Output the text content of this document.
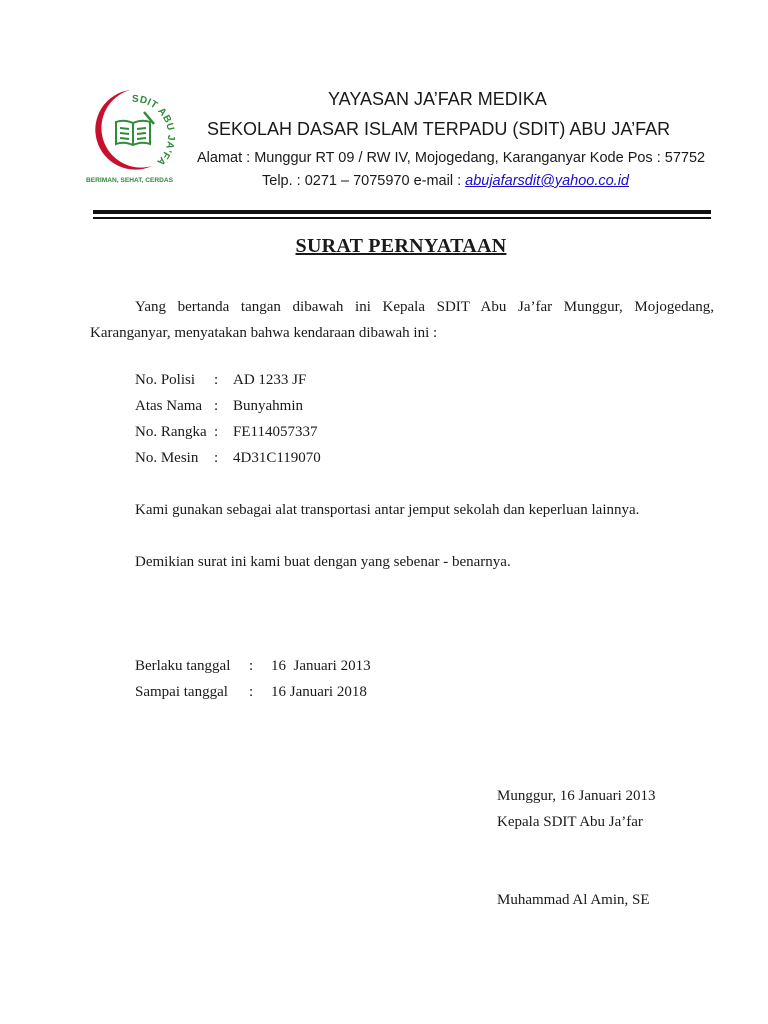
SDIT ABU JA'FA
BERIMAN, SEHAT, CERDAS
YAYASAN JA’FAR MEDIKA
SEKOLAH DASAR ISLAM TERPADU (SDIT) ABU JA’FAR
Alamat : Munggur RT 09 / RW IV, Mojogedang, Karanganyar Kode Pos : 57752
Telp. : 0271 – 7075970 e-mail : abujafarsdit@yahoo.co.id
SURAT PERNYATAAN
Yang bertanda tangan dibawah ini Kepala SDIT Abu Ja’far Munggur, Mojogedang, Karanganyar, menyatakan bahwa kendaraan dibawah ini :
No. Polisi : AD 1233 JF
Atas Nama : Bunyahmin
No. Rangka : FE114057337
No. Mesin : 4D31C119070
Kami gunakan sebagai alat transportasi antar jemput sekolah dan keperluan lainnya.
Demikian surat ini kami buat dengan yang sebenar - benarnya.
Berlaku tanggal : 16  Januari 2013
Sampai tanggal : 16 Januari 2018
Munggur, 16 Januari 2013
Kepala SDIT Abu Ja’far
Muhammad Al Amin, SE
